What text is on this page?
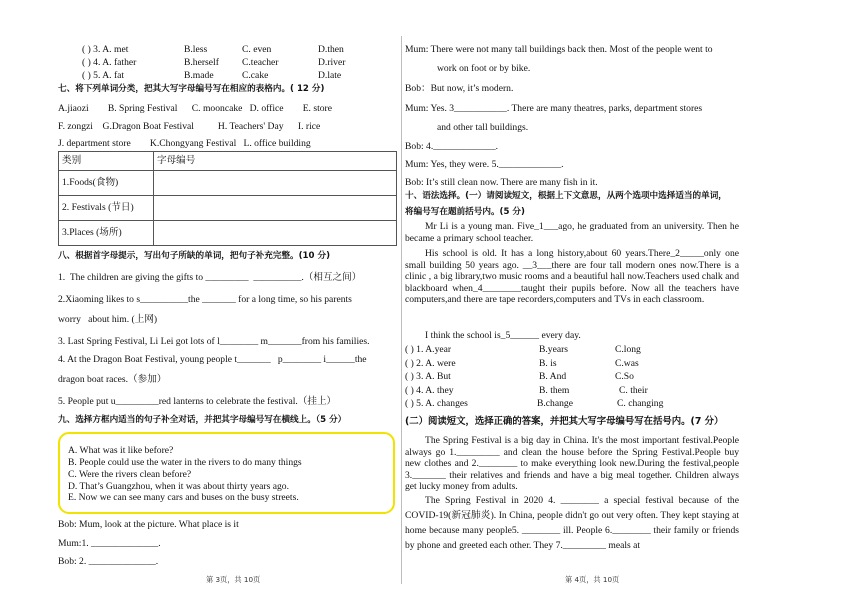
( ) 3. A. met	B.less	C. even	D.then
( ) 4. A. father	B.herself C.teacher	D.river
( ) 5. A. fat	B.made	C.cake	D.late
七、将下列单词分类，把其大写字母编号写在相应的表格内。( 12 分)
A.jiaozi        B. Spring Festival      C. mooncake   D. office        E. store
F. zongzi    G.Dragon Boat Festival          H. Teachers' Day      I. rice
J. department store        K.Chongyang Festival   L. office building
类别	字母编号
1.Foods(食物)	
2. Festivals (节日)	
3.Places (场所)	
八、根据首字母提示，写出句子所缺的单词，把句子补充完整。(10 分)
1.  The children are giving the gifts to _________  __________.（相互之间）
2.Xiaoming likes to s__________the _______ for a long time, so his parents
worry   about him. (上网)
3. Last Spring Festival, Li Lei got lots of l________ m_______from his families.
4. At the Dragon Boat Festival, young people t_______   p________ i______the
dragon boat races.（参加）
5. People put u_________red lanterns to celebrate the festival.（挂上）
九、选择方框内适当的句子补全对话，并把其字母编号写在横线上。（5 分）
A. What was it like before?
B. People could use the water in the rivers to do many things
C. Were the rivers clean before?
D. That’s Guangzhou, when it was about thirty years ago.
E. Now we can see many cars and buses on the busy streets.
Bob: Mum, look at the picture. What place is it
Mum:1. ______________.
Bob: 2. ______________.
第 3页，共 10页
Mum: There were not many tall buildings back then. Most of the people went to
work on foot or by bike.
Bob：But now, it’s modern.
Mum: Yes. 3___________. There are many theatres, parks, department stores
and other tall buildings.
Bob: 4._____________.
Mum: Yes, they were. 5._____________.
Bob: It’s still clean now. There are many fish in it.
十、语法选择。(一）请阅读短文，根据上下文意思，从两个选项中选择适当的单词，
将编号写在题前括号内。(5 分)
Mr Li is a young man. Five_1___ago, he graduated from an university. Then he became a primary school teacher.
His school is old. It has a long history,about 60 years.There_2_____only one small building 50 years ago. __3___there are four tall modern ones now.There is a clinic , a big library,two music rooms and a beautiful hall now.Teachers used chalk and blackboard when_4________taught their pupils before. Now all the teachers have computers,and there are tape recorders,computers and TVs in each classroom.
I think the school is_5______ every day.
( ) 1. A.year	B.years	C.long
( ) 2. A. were	B. is	C.was
( ) 3. A. But	B. And	C.So
( ) 4. A. they	B. them	C. their
( ) 5. A. changes	B.change	C. changing
(二）阅读短文，选择正确的答案，并把其大写字母编号写在括号内。(7 分）
The Spring Festival is a big day in China. It's the most important festival.People always go 1._________ and clean the house before the Spring Festival.People buy new clothes and 2.________ to make everything look new.During the festival,people 3._______ their relatives and friends and have a big meal together. Children always get lucky money from adults.
The Spring Festival in 2020 4. ________ a special festival because of the COVID-19(新冠肺炎). In China, people didn't go out very often. They kept staying at home because many people5. ________ ill. People 6.________ their family or friends by phone and greeted each other. They 7._________ meals at
第 4页，共 10页
